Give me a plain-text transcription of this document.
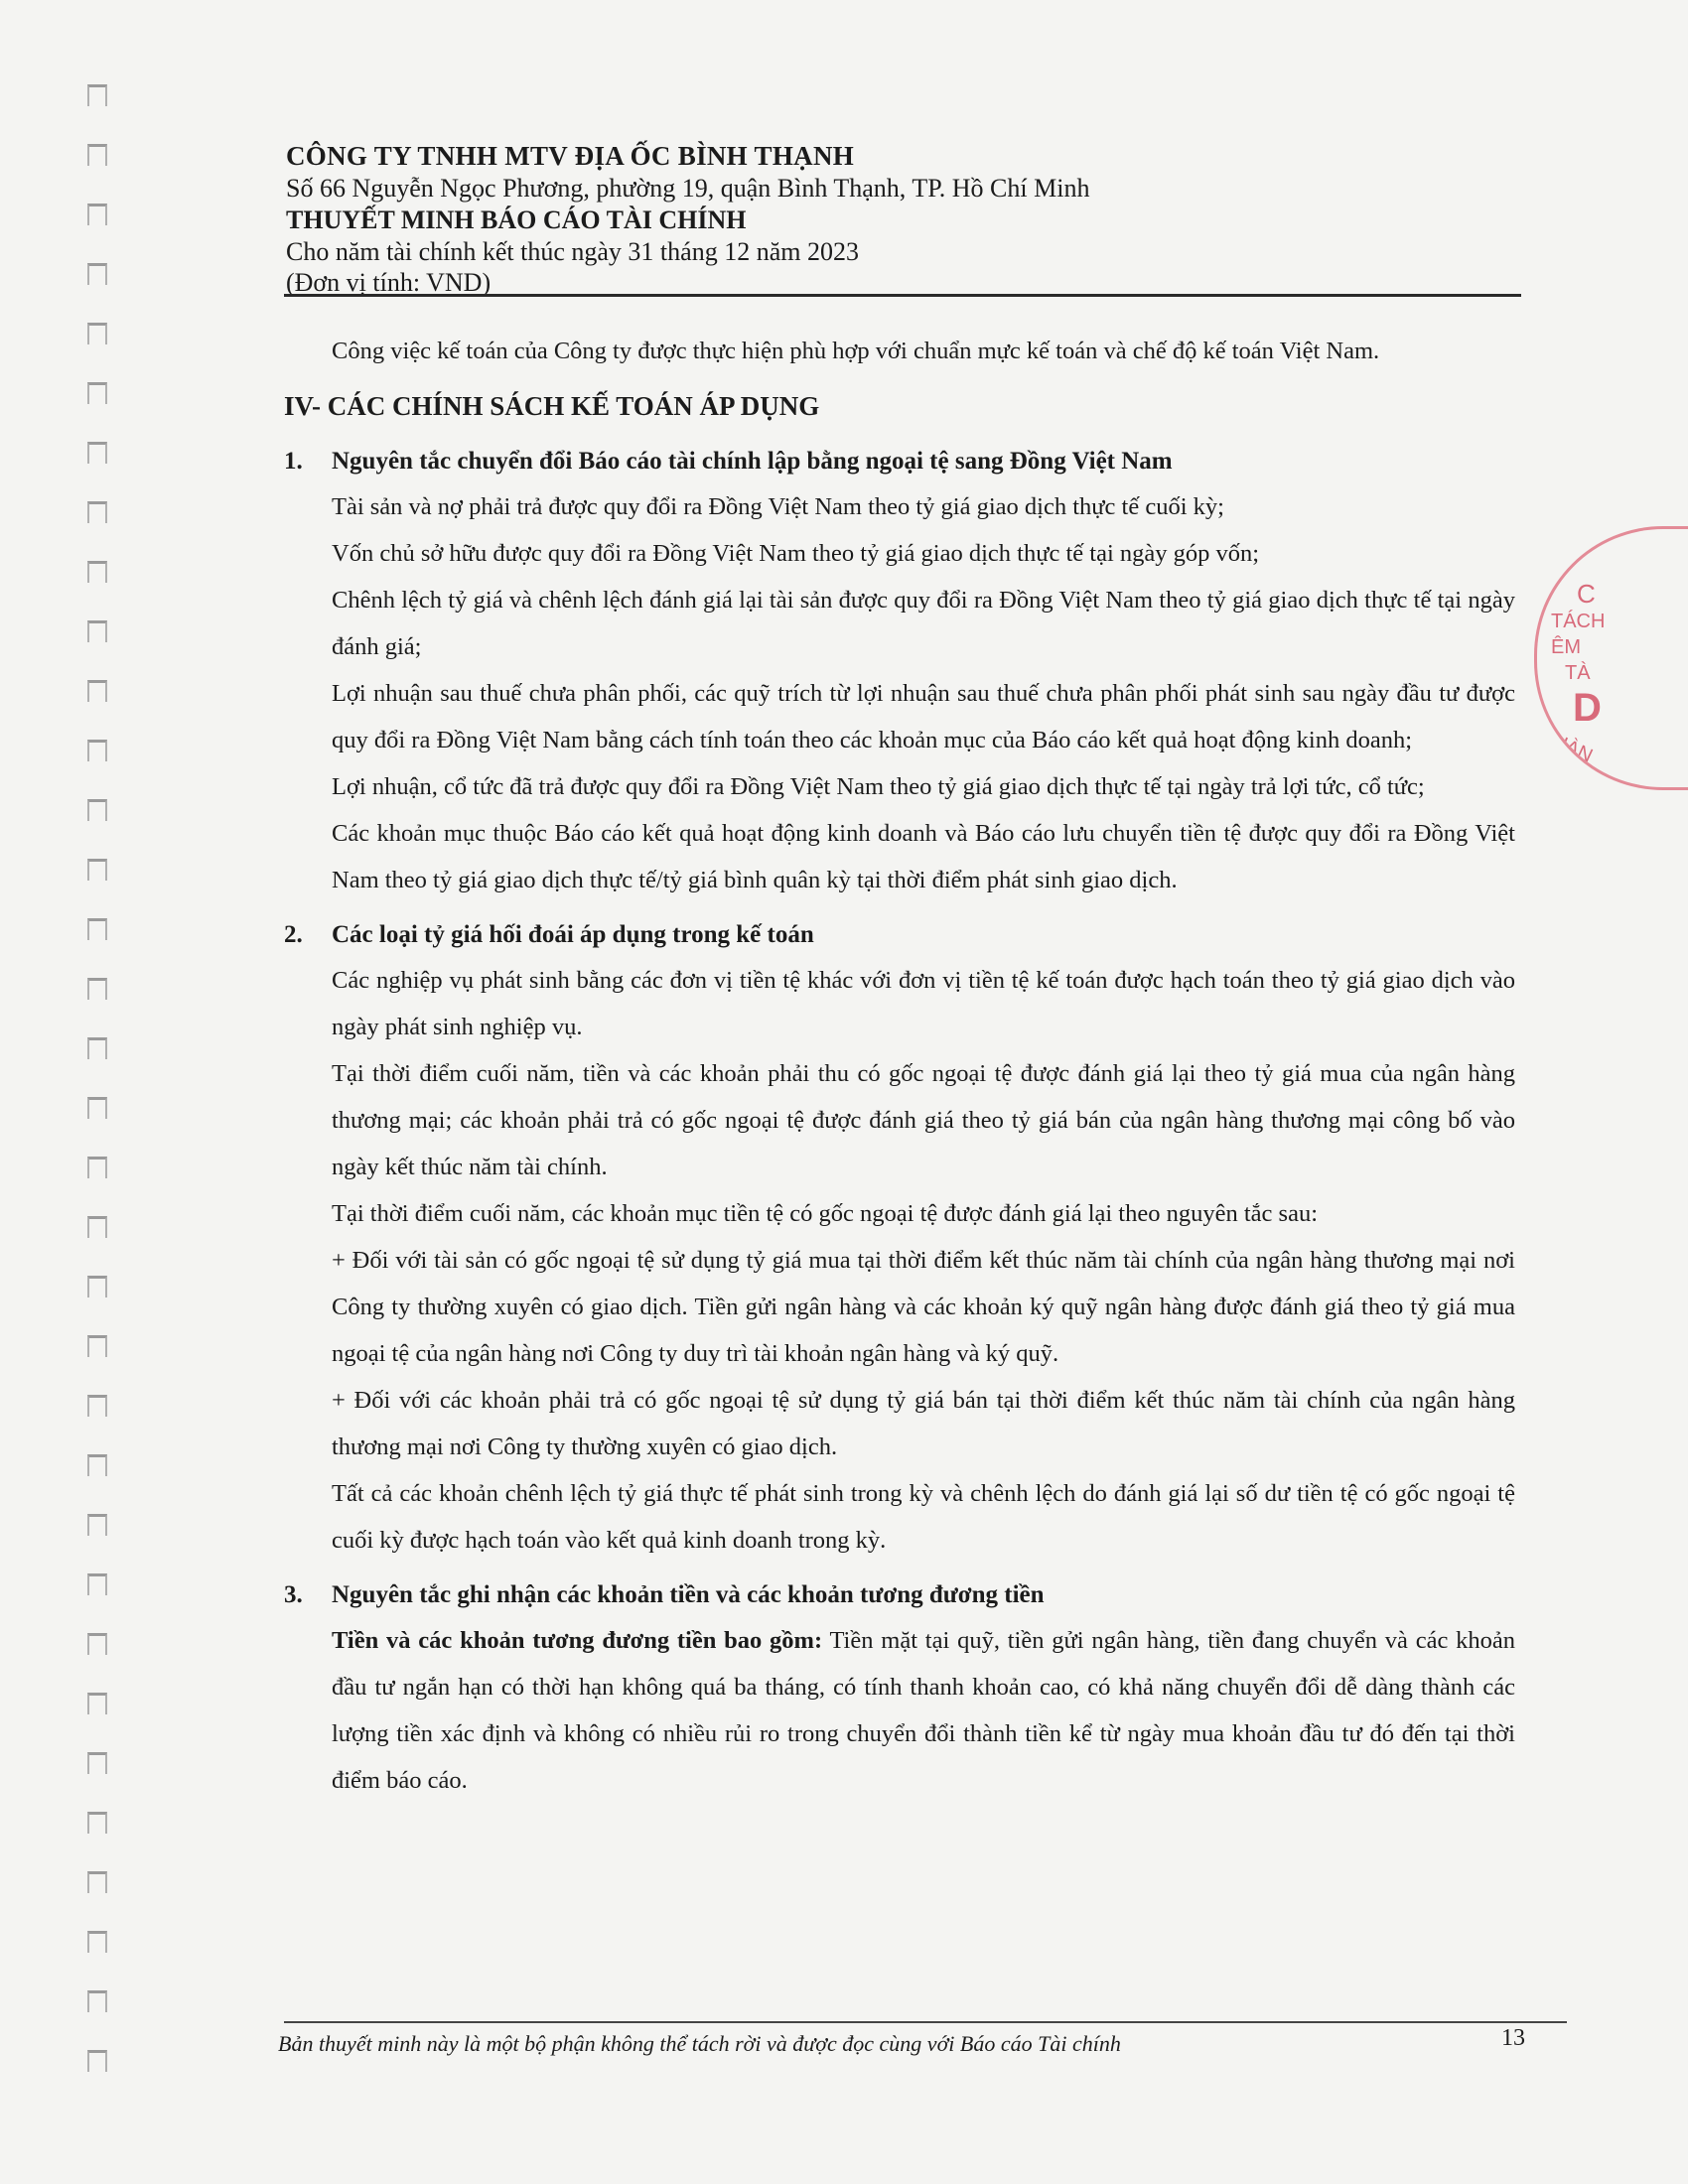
CÔNG TY TNHH MTV ĐỊA ỐC BÌNH THẠNH
Số 66 Nguyễn Ngọc Phương, phường 19, quận Bình Thạnh, TP. Hồ Chí Minh
THUYẾT MINH BÁO CÁO TÀI CHÍNH
Cho năm tài chính kết thúc ngày 31 tháng 12 năm 2023
(Đơn vị tính: VND)

Công việc kế toán của Công ty được thực hiện phù hợp với chuẩn mực kế toán và chế độ kế toán Việt Nam.

IV- CÁC CHÍNH SÁCH KẾ TOÁN ÁP DỤNG
1. Nguyên tắc chuyển đổi Báo cáo tài chính lập bằng ngoại tệ sang Đồng Việt Nam

Tài sản và nợ phải trả được quy đổi ra Đồng Việt Nam theo tỷ giá giao dịch thực tế cuối kỳ;

Vốn chủ sở hữu được quy đổi ra Đồng Việt Nam theo tỷ giá giao dịch thực tế tại ngày góp vốn;

Chênh lệch tỷ giá và chênh lệch đánh giá lại tài sản được quy đổi ra Đồng Việt Nam theo tỷ giá giao dịch thực tế tại ngày đánh giá;

Lợi nhuận sau thuế chưa phân phối, các quỹ trích từ lợi nhuận sau thuế chưa phân phối phát sinh sau ngày đầu tư được quy đổi ra Đồng Việt Nam bằng cách tính toán theo các khoản mục của Báo cáo kết quả hoạt động kinh doanh;

Lợi nhuận, cổ tức đã trả được quy đổi ra Đồng Việt Nam theo tỷ giá giao dịch thực tế tại ngày trả lợi tức, cổ tức;

Các khoản mục thuộc Báo cáo kết quả hoạt động kinh doanh và Báo cáo lưu chuyển tiền tệ được quy đổi ra Đồng Việt Nam theo tỷ giá giao dịch thực tế/tỷ giá bình quân kỳ tại thời điểm phát sinh giao dịch.

2. Các loại tỷ giá hối đoái áp dụng trong kế toán

Các nghiệp vụ phát sinh bằng các đơn vị tiền tệ khác với đơn vị tiền tệ kế toán được hạch toán theo tỷ giá giao dịch vào ngày phát sinh nghiệp vụ.

Tại thời điểm cuối năm, tiền và các khoản phải thu có gốc ngoại tệ được đánh giá lại theo tỷ giá mua của ngân hàng thương mại; các khoản phải trả có gốc ngoại tệ được đánh giá theo tỷ giá bán của ngân hàng thương mại công bố vào ngày kết thúc năm tài chính.

Tại thời điểm cuối năm, các khoản mục tiền tệ có gốc ngoại tệ được đánh giá lại theo nguyên tắc sau:

+ Đối với tài sản có gốc ngoại tệ sử dụng tỷ giá mua tại thời điểm kết thúc năm tài chính của ngân hàng thương mại nơi Công ty thường xuyên có giao dịch. Tiền gửi ngân hàng và các khoản ký quỹ ngân hàng được đánh giá theo tỷ giá mua ngoại tệ của ngân hàng nơi Công ty duy trì tài khoản ngân hàng và ký quỹ.

+ Đối với các khoản phải trả có gốc ngoại tệ sử dụng tỷ giá bán tại thời điểm kết thúc năm tài chính của ngân hàng thương mại nơi Công ty thường xuyên có giao dịch.

Tất cả các khoản chênh lệch tỷ giá thực tế phát sinh trong kỳ và chênh lệch do đánh giá lại số dư tiền tệ có gốc ngoại tệ cuối kỳ được hạch toán vào kết quả kinh doanh trong kỳ.

3. Nguyên tắc ghi nhận các khoản tiền và các khoản tương đương tiền

Tiền và các khoản tương đương tiền bao gồm: Tiền mặt tại quỹ, tiền gửi ngân hàng, tiền đang chuyển và các khoản đầu tư ngắn hạn có thời hạn không quá ba tháng, có tính thanh khoản cao, có khả năng chuyển đổi dễ dàng thành các lượng tiền xác định và không có nhiều rủi ro trong chuyển đổi thành tiền kể từ ngày mua khoản đầu tư đó đến tại thời điểm báo cáo.

030
C
TÁCH
ÊM
TÀ
D
HÀN
Bản thuyết minh này là một bộ phận không thể tách rời và được đọc cùng với Báo cáo Tài chính	13
